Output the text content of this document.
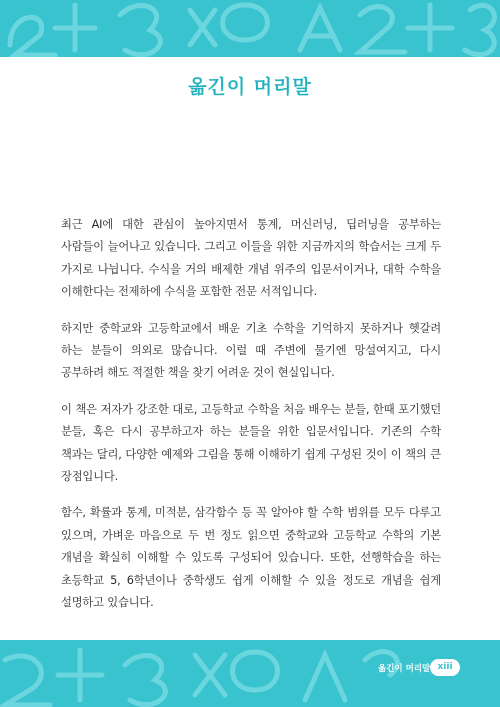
옮긴이 머리말

최근 AI에 대한 관심이 높아지면서 통계, 머신러닝, 딥러닝을 공부하는 사람들이 늘어나고 있습니다. 그리고 이들을 위한 지금까지의 학습서는 크게 두 가지로 나뉩니다. 수식을 거의 배제한 개념 위주의 입문서이거나, 대학 수학을 이해한다는 전제하에 수식을 포함한 전문 서적입니다.

하지만 중학교와 고등학교에서 배운 기초 수학을 기억하지 못하거나 헷갈려 하는 분들이 의외로 많습니다. 이럴 때 주변에 물기엔 망설여지고, 다시 공부하려 해도 적절한 책을 찾기 어려운 것이 현실입니다.

이 책은 저자가 강조한 대로, 고등학교 수학을 처음 배우는 분들, 한때 포기했던 분들, 혹은 다시 공부하고자 하는 분들을 위한 입문서입니다. 기존의 수학 책과는 달리, 다양한 예제와 그림을 통해 이해하기 쉽게 구성된 것이 이 책의 큰 장점입니다.

함수, 확률과 통계, 미적분, 삼각함수 등 꼭 알아야 할 수학 범위를 모두 다루고 있으며, 가벼운 마음으로 두 번 정도 읽으면 중학교와 고등학교 수학의 기본 개념을 확실히 이해할 수 있도록 구성되어 있습니다. 또한, 선행학습을 하는 초등학교 5, 6학년이나 중학생도 쉽게 이해할 수 있을 정도로 개념을 쉽게 설명하고 있습니다.

옮긴이 머리말 xiii
